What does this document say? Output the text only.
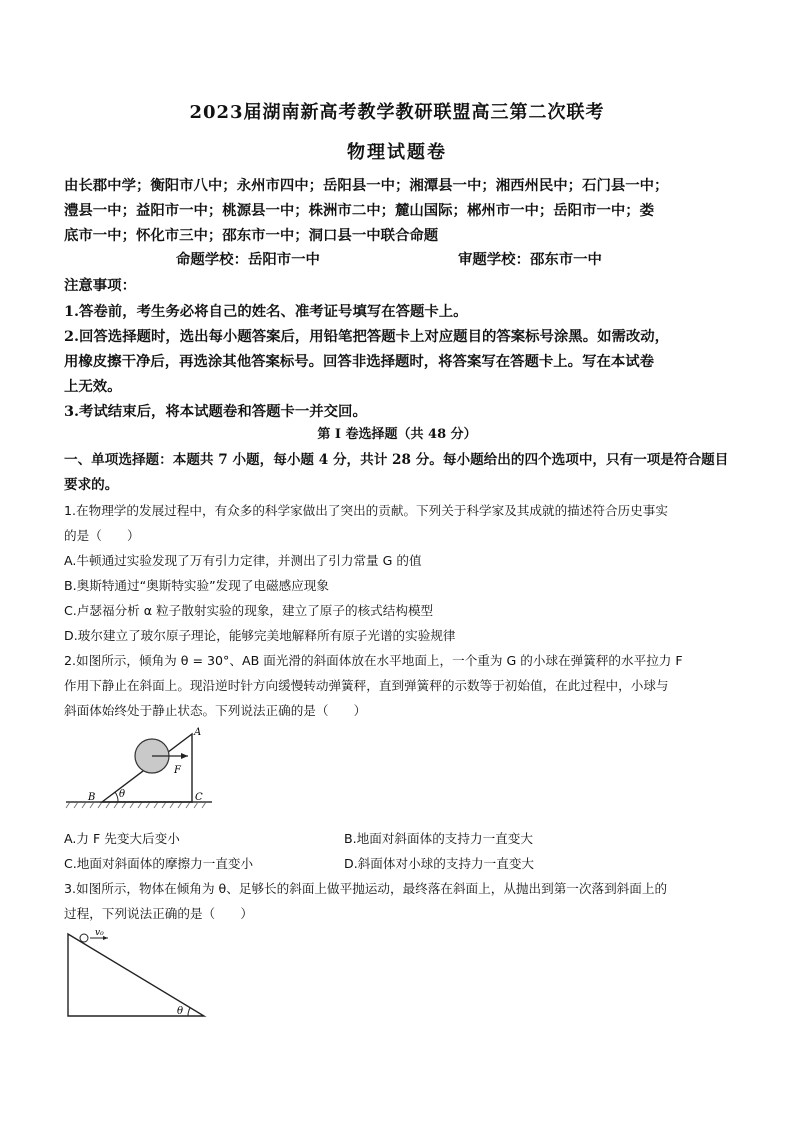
2023届湖南新高考教学教研联盟高三第二次联考
物理试题卷
由长郡中学；衡阳市八中；永州市四中；岳阳县一中；湘潭县一中；湘西州民中；石门县一中；
澧县一中；益阳市一中；桃源县一中；株洲市二中；麓山国际；郴州市一中；岳阳市一中；娄
底市一中；怀化市三中；邵东市一中；洞口县一中联合命题
命题学校：岳阳市一中	审题学校：邵东市一中
注意事项：
1.答卷前，考生务必将自己的姓名、准考证号填写在答题卡上。
2.回答选择题时，选出每小题答案后，用铅笔把答题卡上对应题目的答案标号涂黑。如需改动，
用橡皮擦干净后，再选涂其他答案标号。回答非选择题时，将答案写在答题卡上。写在本试卷
上无效。
3.考试结束后，将本试题卷和答题卡一并交回。
第 I 卷选择题（共 48 分）
一、单项选择题：本题共 7 小题，每小题 4 分，共计 28 分。每小题给出的四个选项中，只有一项是符合题目
要求的。
1.在物理学的发展过程中，有众多的科学家做出了突出的贡献。下列关于科学家及其成就的描述符合历史事实
的是（　　）
A.牛顿通过实验发现了万有引力定律，并测出了引力常量 G 的值
B.奥斯特通过“奥斯特实验”发现了电磁感应现象
C.卢瑟福分析 α 粒子散射实验的现象，建立了原子的核式结构模型
D.玻尔建立了玻尔原子理论，能够完美地解释所有原子光谱的实验规律
2.如图所示，倾角为 θ = 30°、AB 面光滑的斜面体放在水平地面上，一个重为 G 的小球在弹簧秤的水平拉力 F
作用下静止在斜面上。现沿逆时针方向缓慢转动弹簧秤，直到弹簧秤的示数等于初始值，在此过程中，小球与
斜面体始终处于静止状态。下列说法正确的是（　　）
A
B	C
F
θ
A.力 F 先变大后变小	B.地面对斜面体的支持力一直变大
C.地面对斜面体的摩擦力一直变小	D.斜面体对小球的支持力一直变大
3.如图所示，物体在倾角为 θ、足够长的斜面上做平抛运动，最终落在斜面上，从抛出到第一次落到斜面上的
过程，下列说法正确的是（　　）
v₀
θ
